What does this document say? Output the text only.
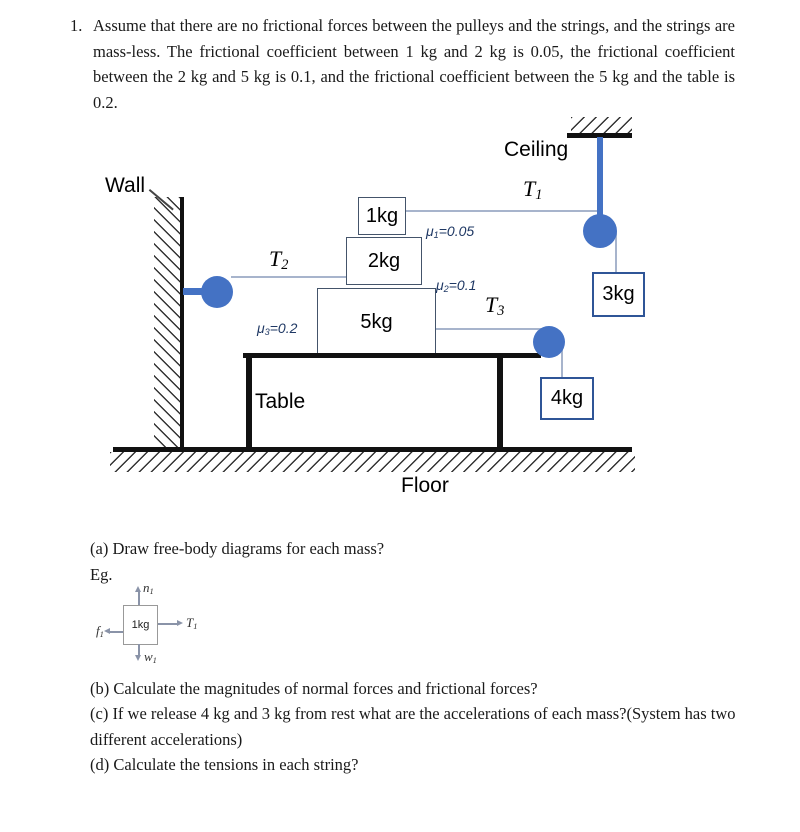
1. Assume that there are no frictional forces between the pulleys and the strings, and the strings are mass-less. The frictional coefficient between 1 kg and 2 kg is 0.05, the frictional coefficient between the 2 kg and 5 kg is 0.1, and the frictional coefficient between the 5 kg and the table is 0.2.
Ceiling
Wall	$T_1$
$T_2$
1kg
2kg
5kg
$\mu_1=0.05$
$\mu_2=0.1$
$\mu_3=0.2$
$T_3$
Table
3kg
4kg
Floor
(a) Draw free-body diagrams for each mass?
Eg.
$n_1$
1kg	$T_1$
$f_1$
$w_1$
(b) Calculate the magnitudes of normal forces and frictional forces?
(c) If we release 4 kg and 3 kg from rest what are the accelerations of each mass?(System has two different accelerations)
(d) Calculate the tensions in each string?
